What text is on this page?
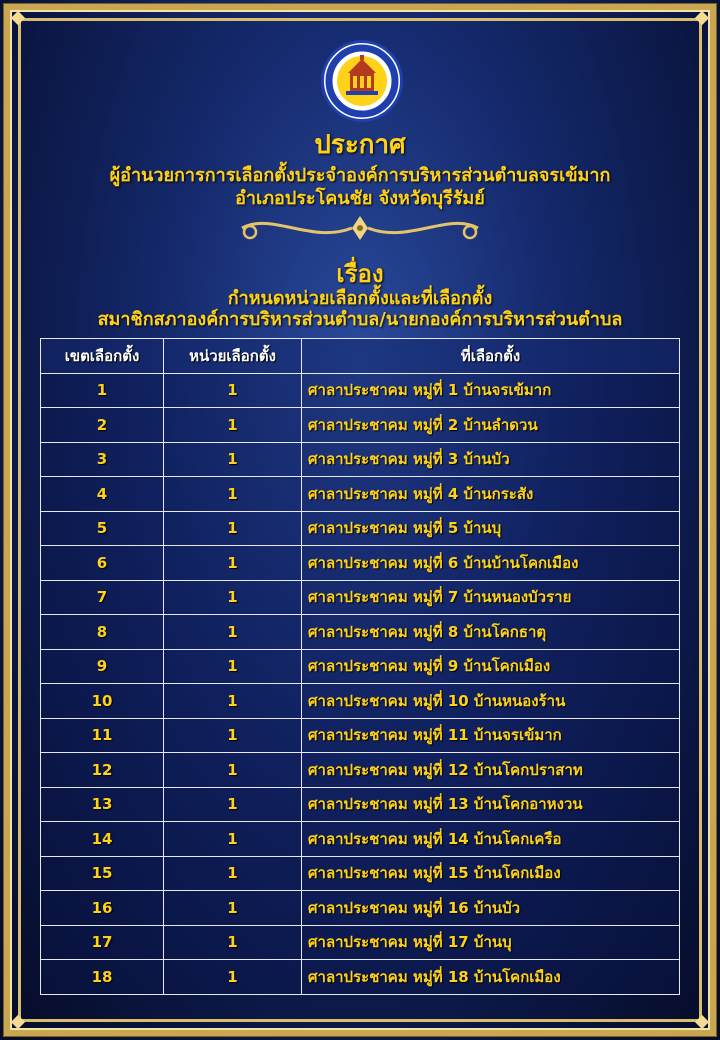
ประกาศ
ผู้อำนวยการการเลือกตั้งประจำองค์การบริหารส่วนตำบลจรเข้มาก
อำเภอประโคนชัย จังหวัดบุรีรัมย์
เรื่อง
กำหนดหน่วยเลือกตั้งและที่เลือกตั้ง
สมาชิกสภาองค์การบริหารส่วนตำบล/นายกองค์การบริหารส่วนตำบล
เขตเลือกตั้ง	หน่วยเลือกตั้ง	ที่เลือกตั้ง
1	1	ศาลาประชาคม หมู่ที่ 1 บ้านจรเข้มาก
2	1	ศาลาประชาคม หมู่ที่ 2 บ้านลำดวน
3	1	ศาลาประชาคม หมู่ที่ 3 บ้านบัว
4	1	ศาลาประชาคม หมู่ที่ 4 บ้านกระสัง
5	1	ศาลาประชาคม หมู่ที่ 5 บ้านบุ
6	1	ศาลาประชาคม หมู่ที่ 6 บ้านบ้านโคกเมือง
7	1	ศาลาประชาคม หมู่ที่ 7 บ้านหนองบัวราย
8	1	ศาลาประชาคม หมู่ที่ 8 บ้านโคกธาตุ
9	1	ศาลาประชาคม หมู่ที่ 9 บ้านโคกเมือง
10	1	ศาลาประชาคม หมู่ที่ 10 บ้านหนองร้าน
11	1	ศาลาประชาคม หมู่ที่ 11 บ้านจรเข้มาก
12	1	ศาลาประชาคม หมู่ที่ 12 บ้านโคกปราสาท
13	1	ศาลาประชาคม หมู่ที่ 13 บ้านโคกอาหงวน
14	1	ศาลาประชาคม หมู่ที่ 14 บ้านโคกเครือ
15	1	ศาลาประชาคม หมู่ที่ 15 บ้านโคกเมือง
16	1	ศาลาประชาคม หมู่ที่ 16 บ้านบัว
17	1	ศาลาประชาคม หมู่ที่ 17 บ้านบุ
18	1	ศาลาประชาคม หมู่ที่ 18 บ้านโคกเมือง
